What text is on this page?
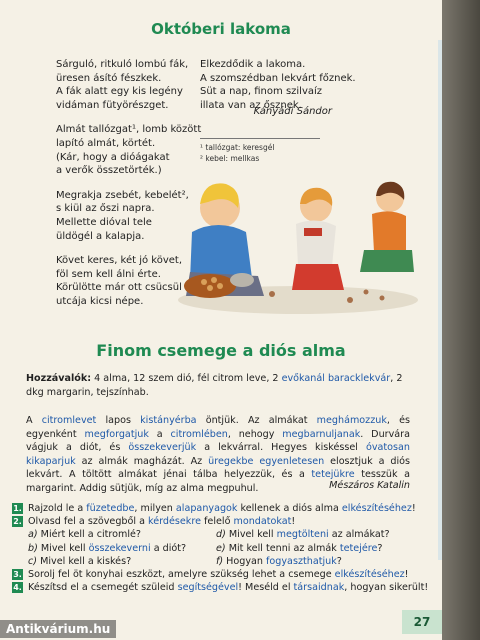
Októberi lakoma
Sárguló, ritkuló lombú fák,
üresen ásító fészkek.
A fák alatt egy kis legény
vidáman fütyörészget.
Almát tallózgat¹, lomb között
lapító almát, körtét.
(Kár, hogy a dióágakat
a verők összetörték.)
Megrakja zsebét, kebelét²,
s kiül az őszi napra.
Mellette dióval tele
üldögél a kalapja.
Követ keres, két jó követ,
föl sem kell álni érte.
Körülötte már ott csücsül
utcája kicsi népe.
Elkezdődik a lakoma.
A szomszédban lekvárt főznek.
Süt a nap, finom szilvaíz
illata van az ősznek.
Kányádi Sándor
¹ tallózgat: keresgél
² kebel: mellkas
Finom csemege a diós alma
Hozzávalók: 4 alma, 12 szem dió, fél citrom leve, 2 evőkanál baracklekvár, 2 dkg margarin, tejszínhab.
A citromlevet lapos kistányérba öntjük. Az almákat meghámozzuk, és egyenként megforgatjuk a citromlében, nehogy megbarnuljanak. Durvára vágjuk a diót, és összekeverjük a lekvárral. Hegyes kiskéssel óvatosan kikaparjuk az almák magházát. Az üregekbe egyenletesen elosztjuk a diós lekvárt. A töltött almákat jénai tálba helyezzük, és a tetejükre tesszük a margarint. Addig sütjük, míg az alma megpuhul.	Mészáros Katalin
1. Rajzold le a füzetedbe, milyen alapanyagok kellenek a diós alma elkészítéséhez!
2. Olvasd fel a szövegből a kérdésekre felelő mondatokat!
a) Miért kell a citromlé?	d) Mivel kell megtölteni az almákat?
b) Mivel kell összekeverni a diót?	e) Mit kell tenni az almák tetejére?
c) Mivel kell a kiskés?	f) Hogyan fogyaszthatjuk?
3. Sorolj fel öt konyhai eszközt, amelyre szükség lehet a csemege elkészítéséhez!
4. Készítsd el a csemegét szüleid segítségével! Meséld el társaidnak, hogyan sikerült!
27
Antikvárium.hu
